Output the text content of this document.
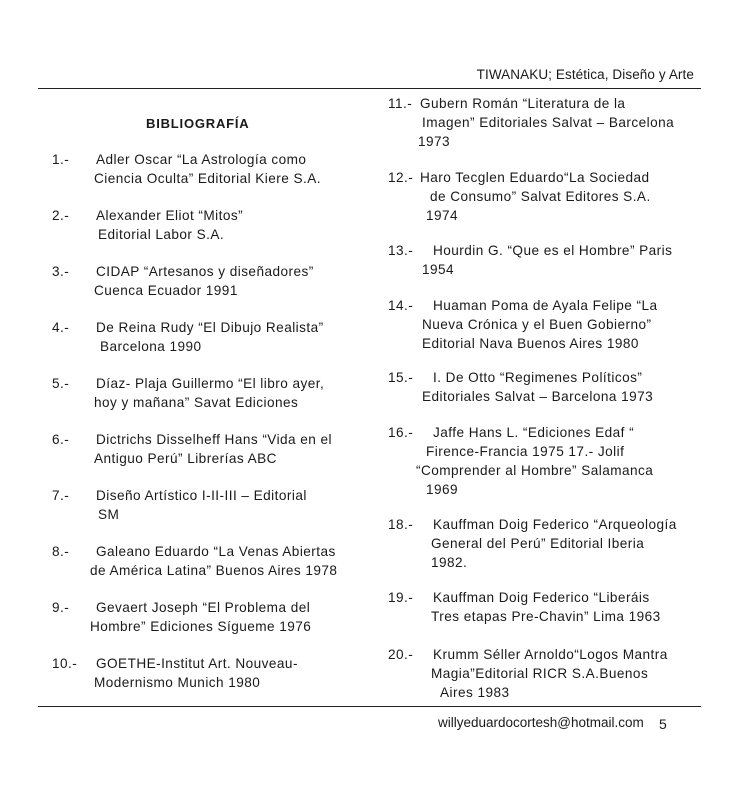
TIWANAKU; Estética, Diseño y Arte
BIBLIOGRAFÍA
1.- Adler Oscar “La Astrología como
Ciencia Oculta” Editorial Kiere S.A.
2.- Alexander Eliot “Mitos”
Editorial Labor S.A.
3.- CIDAP “Artesanos y diseñadores”
Cuenca Ecuador 1991
4.- De Reina Rudy “El Dibujo Realista”
Barcelona 1990
5.- Díaz- Plaja Guillermo “El libro ayer,
hoy y mañana” Savat Ediciones
6.- Dictrichs Disselheff Hans “Vida en el
Antiguo Perú” Librerías ABC
7.- Diseño Artístico I-II-III – Editorial
SM
8.- Galeano Eduardo “La Venas Abiertas
de América Latina” Buenos Aires 1978
9.- Gevaert Joseph “El Problema del
Hombre” Ediciones Sígueme 1976
10.- GOETHE-Institut Art. Nouveau-
Modernismo Munich 1980
11.- Gubern Román “Literatura de la
Imagen” Editoriales Salvat – Barcelona
1973
12.- Haro Tecglen Eduardo“La Sociedad
de Consumo” Salvat Editores S.A.
1974
13.- Hourdin G. “Que es el Hombre” Paris
1954
14.- Huaman Poma de Ayala Felipe “La
Nueva Crónica y el Buen Gobierno”
Editorial Nava Buenos Aires 1980
15.- I. De Otto “Regimenes Políticos”
Editoriales Salvat – Barcelona 1973
16.- Jaffe Hans L. “Ediciones Edaf “
Firence-Francia 1975 17.- Jolif
“Comprender al Hombre” Salamanca
1969
18.- Kauffman Doig Federico “Arqueología
General del Perú” Editorial Iberia
1982.
19.- Kauffman Doig Federico “Liberáis
Tres etapas Pre-Chavin” Lima 1963
20.- Krumm Séller Arnoldo“Logos Mantra
Magia”Editorial RICR S.A.Buenos
Aires 1983
willyeduardocortesh@hotmail.com 5
